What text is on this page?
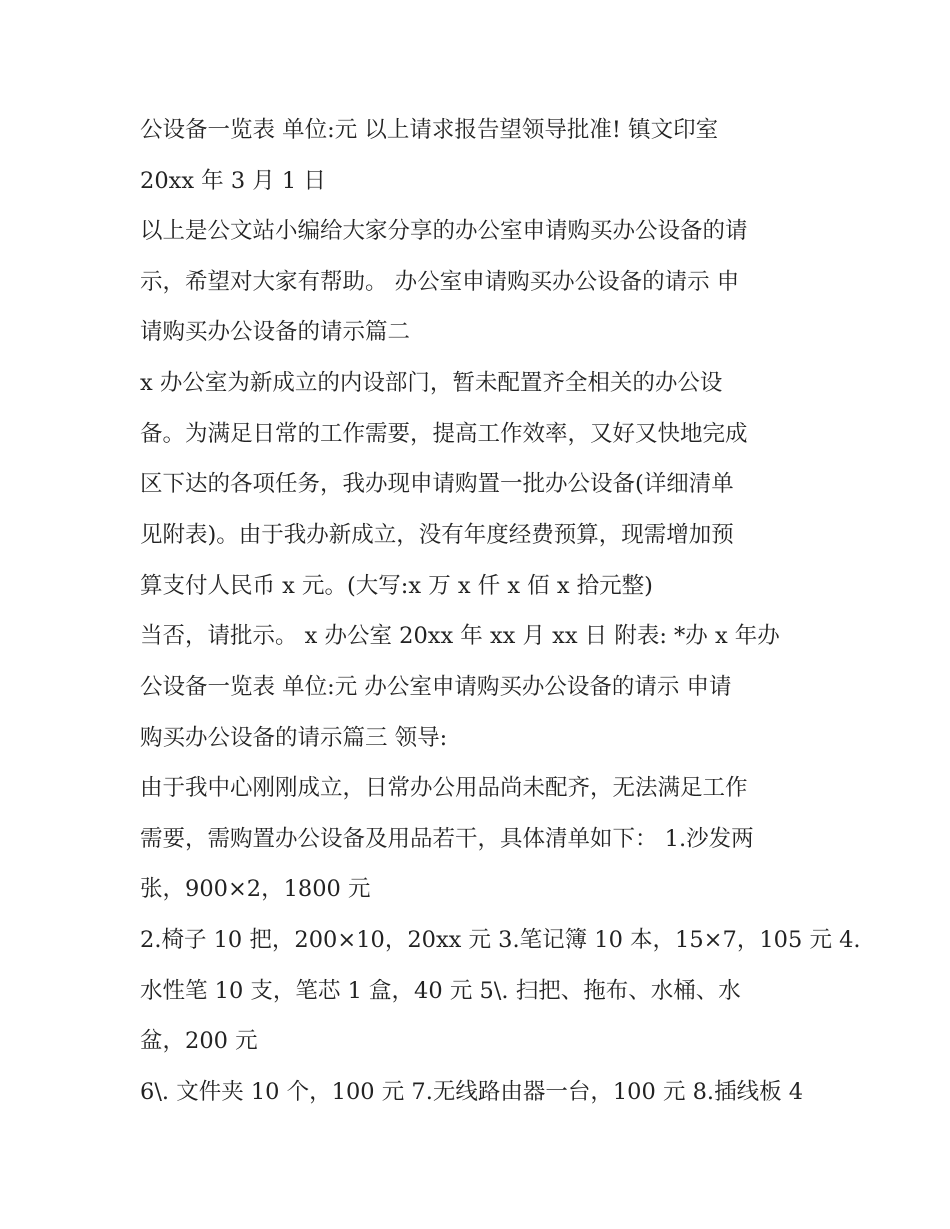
公设备一览表 单位:元 以上请求报告望领导批准! 镇文印室
20xx 年 3 月 1 日
以上是公文站小编给大家分享的办公室申请购买办公设备的请
示，希望对大家有帮助。 办公室申请购买办公设备的请示 申
请购买办公设备的请示篇二
x 办公室为新成立的内设部门，暂未配置齐全相关的办公设
备。为满足日常的工作需要，提高工作效率，又好又快地完成
区下达的各项任务，我办现申请购置一批办公设备(详细清单
见附表)。由于我办新成立，没有年度经费预算，现需增加预
算支付人民币 x 元。(大写:x 万 x 仟 x 佰 x 拾元整)
当否，请批示。 x 办公室 20xx 年 xx 月 xx 日 附表: *办 x 年办
公设备一览表 单位:元 办公室申请购买办公设备的请示 申请
购买办公设备的请示篇三 领导:
由于我中心刚刚成立，日常办公用品尚未配齐，无法满足工作
需要，需购置办公设备及用品若干，具体清单如下： 1.沙发两
张，900×2，1800 元
2.椅子 10 把，200×10，20xx 元 3.笔记簿 10 本，15×7，105 元 4.
水性笔 10 支，笔芯 1 盒，40 元 5\. 扫把、拖布、水桶、水
盆，200 元
6\. 文件夹 10 个，100 元 7.无线路由器一台，100 元 8.插线板 4
